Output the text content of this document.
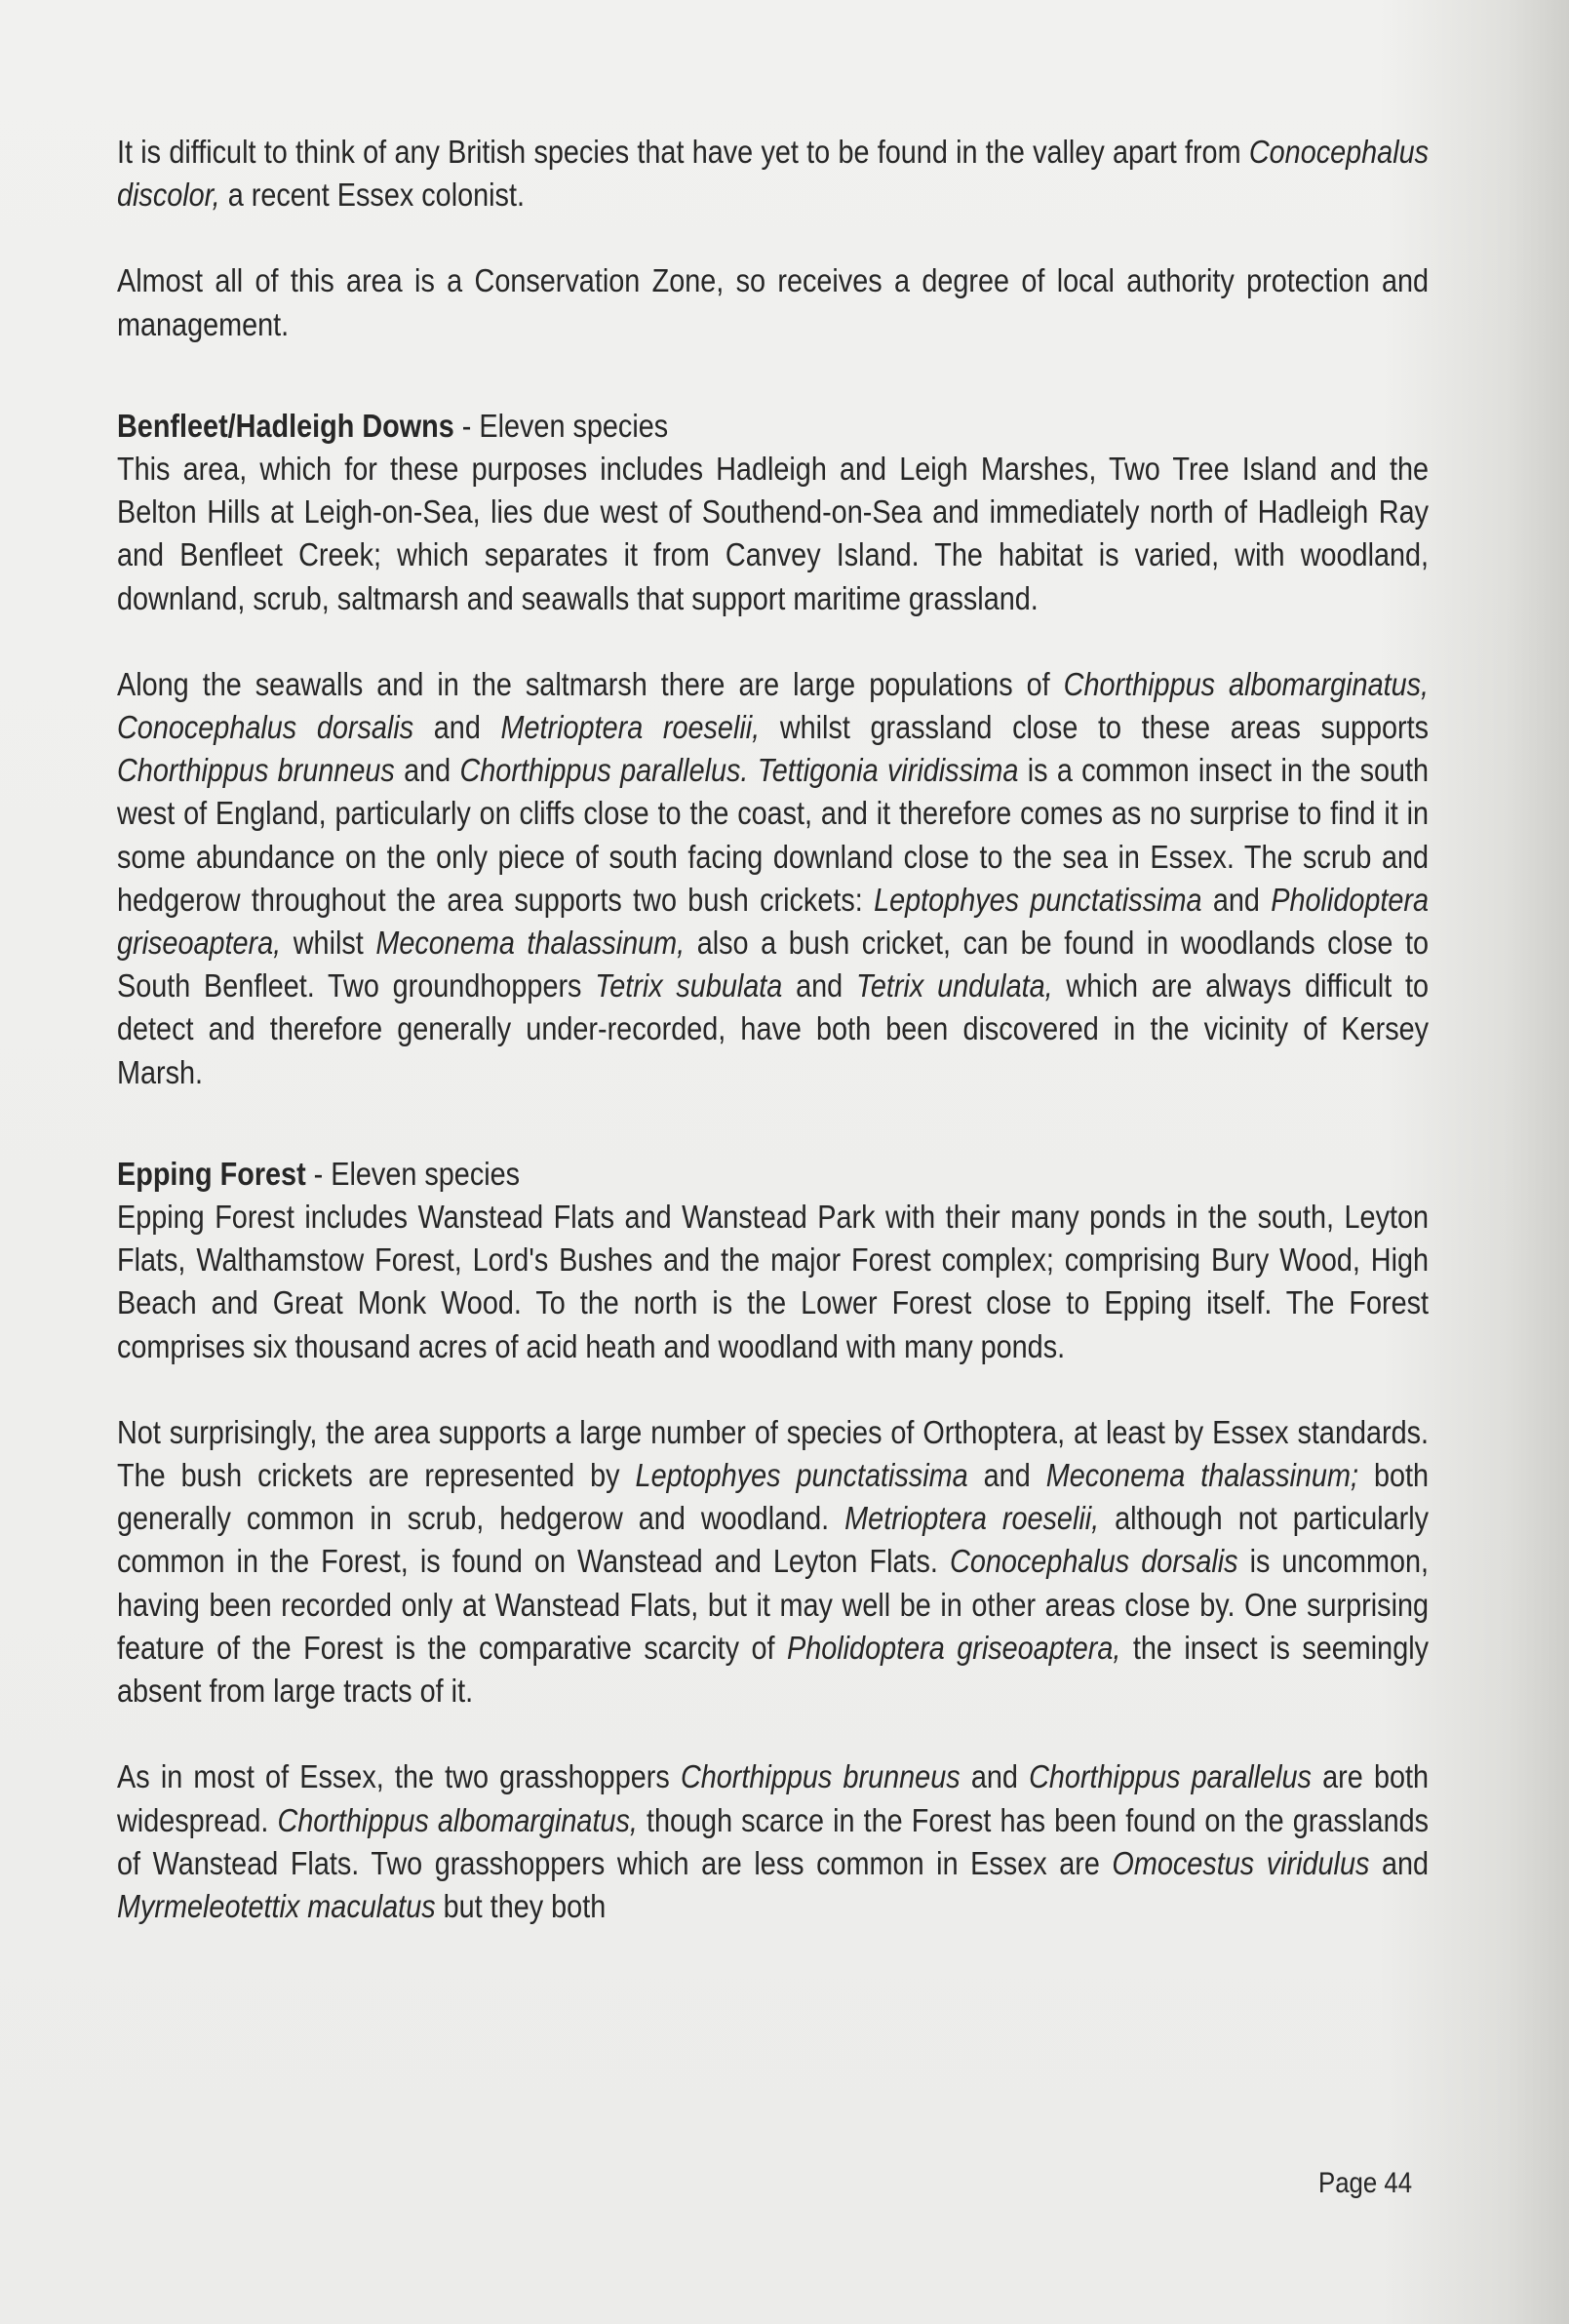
It is difficult to think of any British species that have yet to be found in the valley apart from Conocephalus discolor, a recent Essex colonist.

Almost all of this area is a Conservation Zone, so receives a degree of local authority protection and management.

Benfleet/Hadleigh Downs - Eleven species

This area, which for these purposes includes Hadleigh and Leigh Marshes, Two Tree Island and the Belton Hills at Leigh-on-Sea, lies due west of Southend-on-Sea and immediately north of Hadleigh Ray and Benfleet Creek; which separates it from Canvey Island. The habitat is varied, with woodland, downland, scrub, saltmarsh and seawalls that support maritime grassland.

Along the seawalls and in the saltmarsh there are large populations of Chorthippus albomarginatus, Conocephalus dorsalis and Metrioptera roeselii, whilst grassland close to these areas supports Chorthippus brunneus and Chorthippus parallelus. Tettigonia viridissima is a common insect in the south west of England, particularly on cliffs close to the coast, and it therefore comes as no surprise to find it in some abundance on the only piece of south facing downland close to the sea in Essex. The scrub and hedgerow throughout the area supports two bush crickets: Leptophyes punctatissima and Pholidoptera griseoaptera, whilst Meconema thalassinum, also a bush cricket, can be found in woodlands close to South Benfleet. Two groundhoppers Tetrix subulata and Tetrix undulata, which are always difficult to detect and therefore generally under-recorded, have both been discovered in the vicinity of Kersey Marsh.

Epping Forest - Eleven species

Epping Forest includes Wanstead Flats and Wanstead Park with their many ponds in the south, Leyton Flats, Walthamstow Forest, Lord's Bushes and the major Forest complex; comprising Bury Wood, High Beach and Great Monk Wood. To the north is the Lower Forest close to Epping itself. The Forest comprises six thousand acres of acid heath and woodland with many ponds.

Not surprisingly, the area supports a large number of species of Orthoptera, at least by Essex standards. The bush crickets are represented by Leptophyes punctatissima and Meconema thalassinum; both generally common in scrub, hedgerow and woodland. Metrioptera roeselii, although not particularly common in the Forest, is found on Wanstead and Leyton Flats. Conocephalus dorsalis is uncommon, having been recorded only at Wanstead Flats, but it may well be in other areas close by. One surprising feature of the Forest is the comparative scarcity of Pholidoptera griseoaptera, the insect is seemingly absent from large tracts of it.

As in most of Essex, the two grasshoppers Chorthippus brunneus and Chorthippus parallelus are both widespread. Chorthippus albomarginatus, though scarce in the Forest has been found on the grasslands of Wanstead Flats. Two grasshoppers which are less common in Essex are Omocestus viridulus and Myrmeleotettix maculatus but they both

Page 44
